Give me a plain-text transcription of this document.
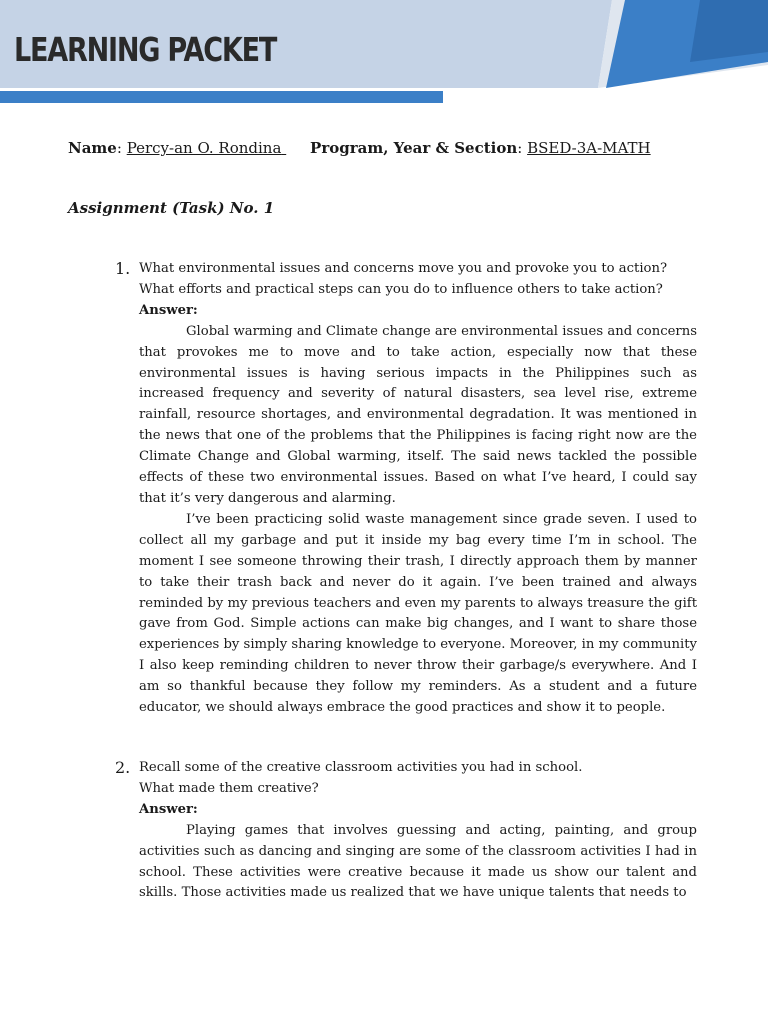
LEARNING PACKET
Name: Percy-an O. Rondina Program, Year & Section: BSED-3A-MATH
Assignment (Task) No. 1
1. What environmental issues and concerns move you and provoke you to action?
What efforts and practical steps can you do to influence others to take action?
Answer:

Global warming and Climate change are environmental issues and concerns that provokes me to move and to take action, especially now that these environmental issues is having serious impacts in the Philippines such as increased frequency and severity of natural disasters, sea level rise, extreme rainfall, resource shortages, and environmental degradation. It was mentioned in the news that one of the problems that the Philippines is facing right now are the Climate Change and Global warming, itself. The said news tackled the possible effects of these two environmental issues. Based on what I’ve heard, I could say that it’s very dangerous and alarming.

I’ve been practicing solid waste management since grade seven. I used to collect all my garbage and put it inside my bag every time I’m in school. The moment I see someone throwing their trash, I directly approach them by manner to take their trash back and never do it again. I’ve been trained and always reminded by my previous teachers and even my parents to always treasure the gift gave from God. Simple actions can make big changes, and I want to share those experiences by simply sharing knowledge to everyone. Moreover, in my community I also keep reminding children to never throw their garbage/s everywhere. And I am so thankful because they follow my reminders. As a student and a future educator, we should always embrace the good practices and show it to people.

2. Recall some of the creative classroom activities you had in school.
What made them creative?
Answer:

Playing games that involves guessing and acting, painting, and group activities such as dancing and singing are some of the classroom activities I had in school. These activities were creative because it made us show our talent and skills. Those activities made us realized that we have unique talents that needs to
